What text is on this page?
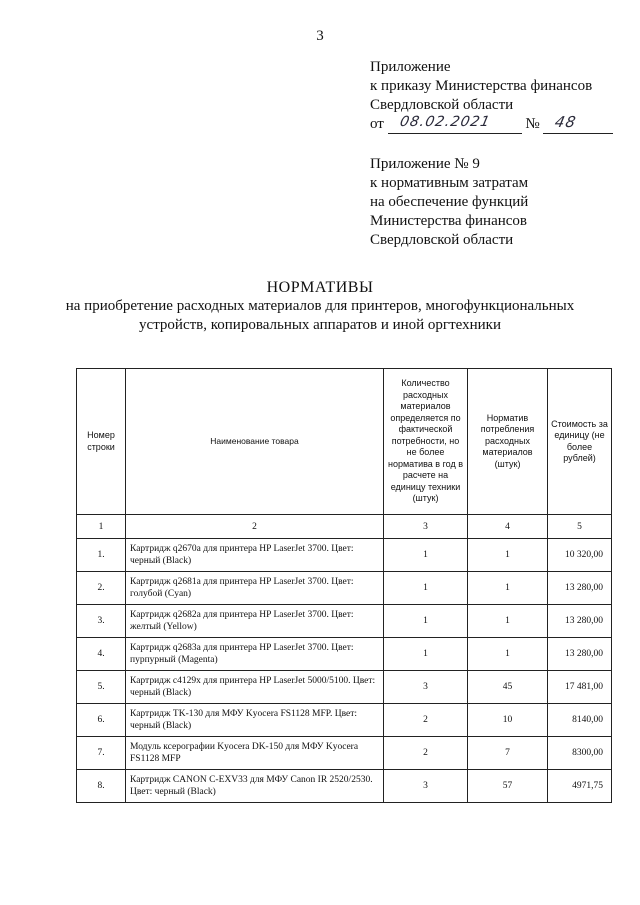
3
Приложение
к приказу Министерства финансов
Свердловской области
от 08.02.2021 № 48
Приложение № 9
к нормативным затратам
на обеспечение функций
Министерства финансов
Свердловской области
НОРМАТИВЫ
на приобретение расходных материалов для принтеров, многофункциональных
устройств, копировальных аппаратов и иной оргтехники
Номер строки	Наименование товара	Количество расходных материалов определяется по фактической потребности, но не более норматива в год в расчете на единицу техники (штук)	Норматив потребления расходных материалов (штук)	Стоимость за единицу (не более рублей)
1	2	3	4	5
1.	Картридж q2670a для принтера HP LaserJet 3700. Цвет: черный (Black)	1	1	10 320,00
2.	Картридж q2681a для принтера HP LaserJet 3700. Цвет: голубой (Cyan)	1	1	13 280,00
3.	Картридж q2682a для принтера HP LaserJet 3700. Цвет: желтый (Yellow)	1	1	13 280,00
4.	Картридж q2683a для принтера HP LaserJet 3700. Цвет: пурпурный (Magenta)	1	1	13 280,00
5.	Картридж c4129x для принтера HP LaserJet 5000/5100. Цвет: черный (Black)	3	45	17 481,00
6.	Картридж TK-130 для МФУ Kyocera FS1128 MFP. Цвет: черный (Black)	2	10	8140,00
7.	Модуль ксерографии Kyocera DK-150 для МФУ Kyocera FS1128 MFP	2	7	8300,00
8.	Картридж CANON C-EXV33 для МФУ Canon IR 2520/2530. Цвет: черный (Black)	3	57	4971,75
